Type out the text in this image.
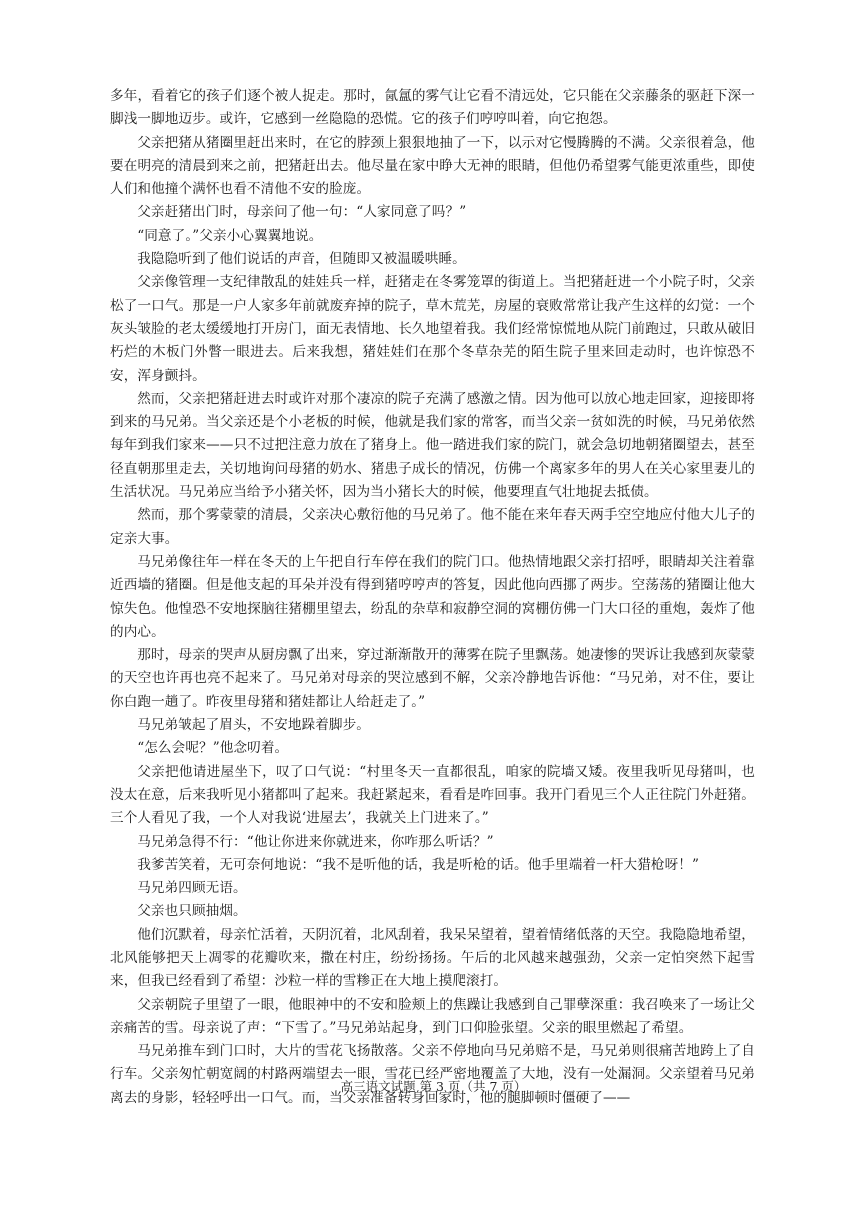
多年，看着它的孩子们逐个被人捉走。那时，氤氲的雾气让它看不清远处，它只能在父亲藤条的驱赶下深一脚浅一脚地迈步。或许，它感到一丝隐隐的恐慌。它的孩子们哼哼叫着，向它抱怨。

父亲把猪从猪圈里赶出来时，在它的脖颈上狠狠地抽了一下，以示对它慢腾腾的不满。父亲很着急，他要在明亮的清晨到来之前，把猪赶出去。他尽量在家中睁大无神的眼睛，但他仍希望雾气能更浓重些，即使人们和他撞个满怀也看不清他不安的脸庞。

父亲赶猪出门时，母亲问了他一句：“人家同意了吗？”

“同意了。”父亲小心翼翼地说。

我隐隐听到了他们说话的声音，但随即又被温暖哄睡。

父亲像管理一支纪律散乱的娃娃兵一样，赶猪走在冬雾笼罩的街道上。当把猪赶进一个小院子时，父亲松了一口气。那是一户人家多年前就废弃掉的院子，草木荒芜，房屋的衰败常常让我产生这样的幻觉：一个灰头皱脸的老太缓缓地打开房门，面无表情地、长久地望着我。我们经常惊慌地从院门前跑过，只敢从破旧朽烂的木板门外瞥一眼进去。后来我想，猪娃娃们在那个冬草杂芜的陌生院子里来回走动时，也许惊恐不安，浑身颤抖。

然而，父亲把猪赶进去时或许对那个凄凉的院子充满了感激之情。因为他可以放心地走回家，迎接即将到来的马兄弟。当父亲还是个小老板的时候，他就是我们家的常客，而当父亲一贫如洗的时候，马兄弟依然每年到我们家来——只不过把注意力放在了猪身上。他一踏进我们家的院门，就会急切地朝猪圈望去，甚至径直朝那里走去，关切地询问母猪的奶水、猪患子成长的情况，仿佛一个离家多年的男人在关心家里妻儿的生活状况。马兄弟应当给予小猪关怀，因为当小猪长大的时候，他要理直气壮地捉去抵债。

然而，那个雾蒙蒙的清晨，父亲决心敷衍他的马兄弟了。他不能在来年春天两手空空地应付他大儿子的定亲大事。

马兄弟像往年一样在冬天的上午把自行车停在我们的院门口。他热情地跟父亲打招呼，眼睛却关注着靠近西墙的猪圈。但是他支起的耳朵并没有得到猪哼哼声的答复，因此他向西挪了两步。空荡荡的猪圈让他大惊失色。他惶恐不安地探脑往猪棚里望去，纷乱的杂草和寂静空洞的窝棚仿佛一门大口径的重炮，轰炸了他的内心。

那时，母亲的哭声从厨房飘了出来，穿过渐渐散开的薄雾在院子里飘荡。她凄惨的哭诉让我感到灰蒙蒙的天空也许再也亮不起来了。马兄弟对母亲的哭泣感到不解，父亲冷静地告诉他：“马兄弟，对不住，要让你白跑一趟了。昨夜里母猪和猪娃都让人给赶走了。”

马兄弟皱起了眉头，不安地跺着脚步。

“怎么会呢？”他念叨着。

父亲把他请进屋坐下，叹了口气说：“村里冬天一直都很乱，咱家的院墙又矮。夜里我听见母猪叫，也没太在意，后来我听见小猪都叫了起来。我赶紧起来，看看是咋回事。我开门看见三个人正往院门外赶猪。三个人看见了我，一个人对我说‘进屋去’，我就关上门进来了。”

马兄弟急得不行：“他让你进来你就进来，你咋那么听话？”

我爹苦笑着，无可奈何地说：“我不是听他的话，我是听枪的话。他手里端着一杆大猎枪呀！”

马兄弟四顾无语。

父亲也只顾抽烟。

他们沉默着，母亲忙活着，天阴沉着，北风刮着，我呆呆望着，望着情绪低落的天空。我隐隐地希望，北风能够把天上凋零的花瓣吹来，撒在村庄，纷纷扬扬。午后的北风越来越强劲，父亲一定怕突然下起雪来，但我已经看到了希望：沙粒一样的雪糁正在大地上摸爬滚打。

父亲朝院子里望了一眼，他眼神中的不安和脸颊上的焦躁让我感到自己罪孽深重：我召唤来了一场让父亲痛苦的雪。母亲说了声：“下雪了。”马兄弟站起身，到门口仰脸张望。父亲的眼里燃起了希望。

马兄弟推车到门口时，大片的雪花飞扬散落。父亲不停地向马兄弟赔不是，马兄弟则很痛苦地跨上了自行车。父亲匆忙朝宽阔的村路两端望去一眼，雪花已经严密地覆盖了大地，没有一处漏洞。父亲望着马兄弟离去的身影，轻轻呼出一口气。而，当父亲准备转身回家时，他的腿脚顿时僵硬了——

高三语文试题 第 3 页（共 7 页）
